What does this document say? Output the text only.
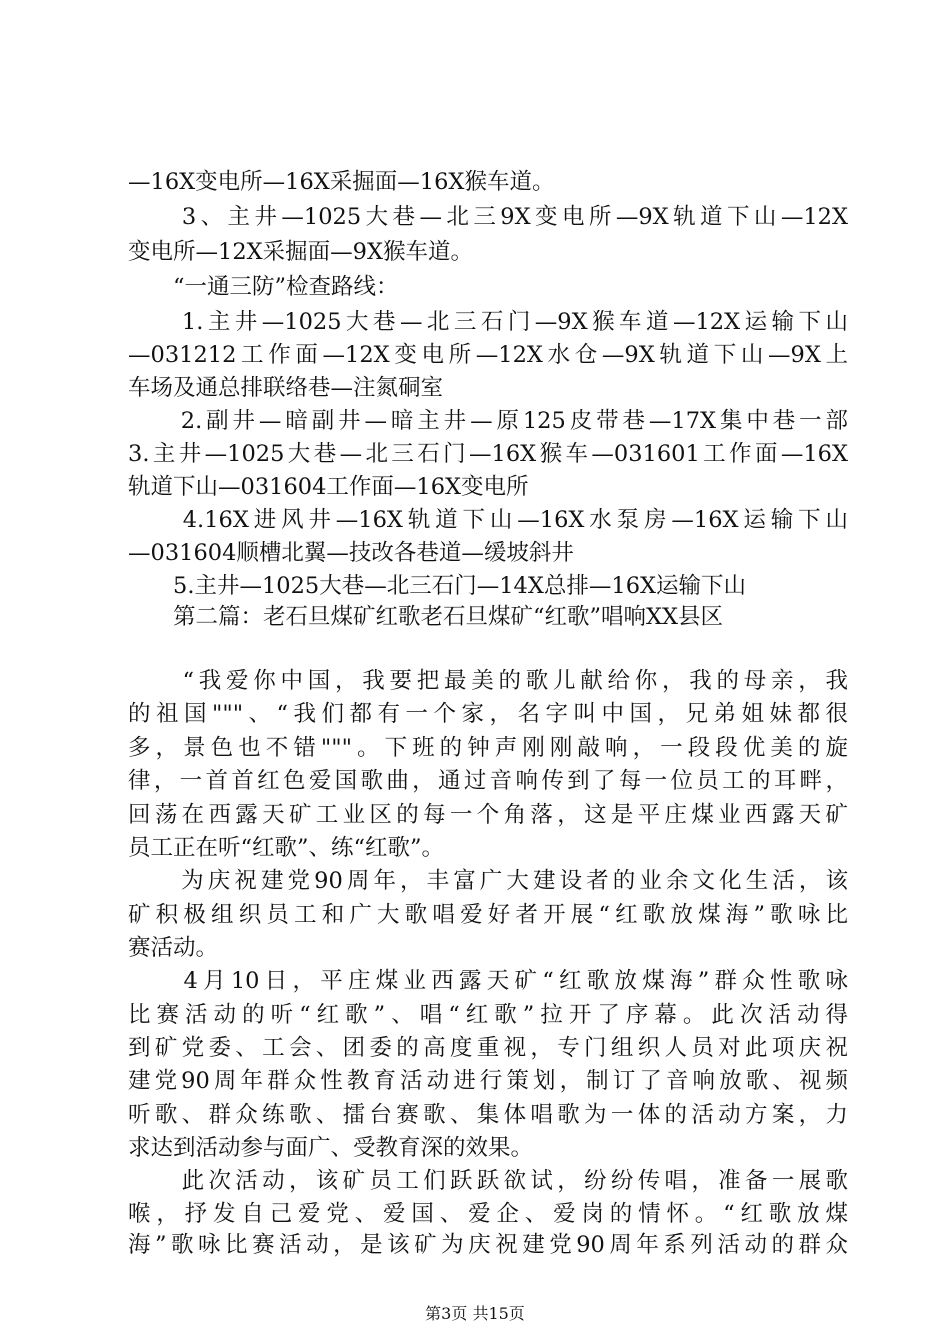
—16X变电所—16X采掘面—16X猴车道。
　　3、主井—1025大巷—北三9X变电所—9X轨道下山—12X
变电所—12X采掘面—9X猴车道。
　　“一通三防”检查路线：
　　1.主井—1025大巷—北三石门—9X猴车道—12X运输下山
—031212工作面—12X变电所—12X水仓—9X轨道下山—9X上
车场及通总排联络巷—注氮硐室
　　2.副井—暗副井—暗主井—原125皮带巷—17X集中巷一部
3.主井—1025大巷—北三石门—16X猴车—031601工作面—16X
轨道下山—031604工作面—16X变电所
　　4.16X进风井—16X轨道下山—16X水泵房—16X运输下山
—031604顺槽北翼—技改各巷道—缓坡斜井
　　5.主井—1025大巷—北三石门—14X总排—16X运输下山
　　第二篇：老石旦煤矿红歌老石旦煤矿“红歌”唱响XX县区
　　“我爱你中国，我要把最美的歌儿献给你，我的母亲，我
的祖国"""、“我们都有一个家，名字叫中国，兄弟姐妹都很
多，景色也不错"""。下班的钟声刚刚敲响，一段段优美的旋
律，一首首红色爱国歌曲，通过音响传到了每一位员工的耳畔，
回荡在西露天矿工业区的每一个角落，这是平庄煤业西露天矿
员工正在听“红歌”、练“红歌”。
　　为庆祝建党90周年，丰富广大建设者的业余文化生活，该
矿积极组织员工和广大歌唱爱好者开展“红歌放煤海”歌咏比
赛活动。
　　4月10日，平庄煤业西露天矿“红歌放煤海”群众性歌咏
比赛活动的听“红歌”、唱“红歌”拉开了序幕。此次活动得
到矿党委、工会、团委的高度重视，专门组织人员对此项庆祝
建党90周年群众性教育活动进行策划，制订了音响放歌、视频
听歌、群众练歌、擂台赛歌、集体唱歌为一体的活动方案，力
求达到活动参与面广、受教育深的效果。
　　此次活动，该矿员工们跃跃欲试，纷纷传唱，准备一展歌
喉，抒发自己爱党、爱国、爱企、爱岗的情怀。“红歌放煤
海”歌咏比赛活动，是该矿为庆祝建党90周年系列活动的群众
第3页 共15页
